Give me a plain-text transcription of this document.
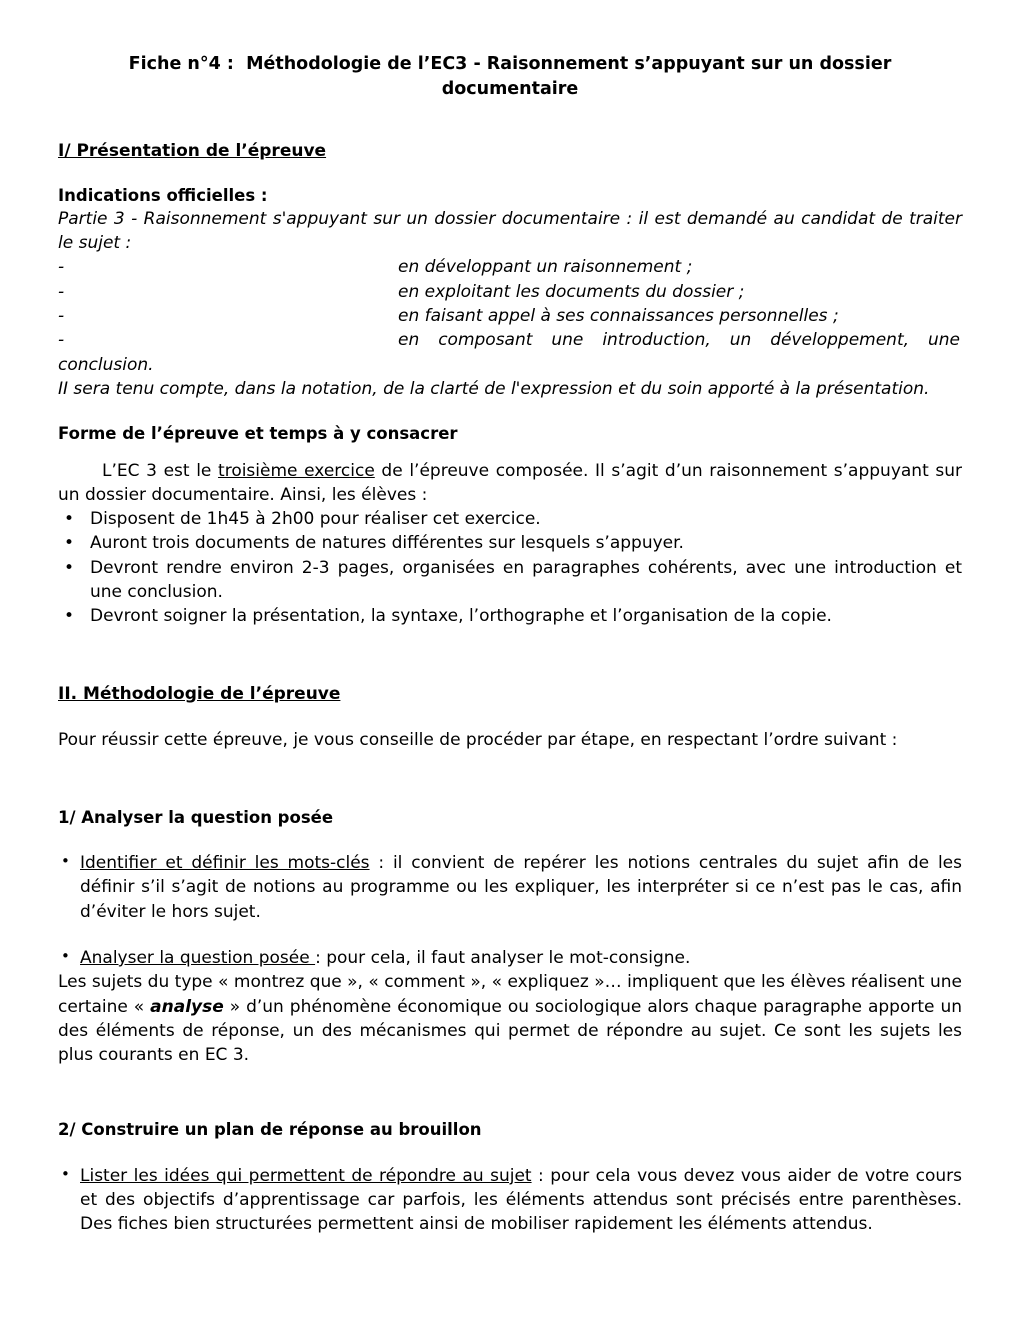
Fiche n°4 :  Méthodologie de l’EC3 - Raisonnement s’appuyant sur un dossier documentaire
I/ Présentation de l’épreuve
Indications officielles :

Partie 3 - Raisonnement s'appuyant sur un dossier documentaire : il est demandé au candidat de traiter le sujet :

-	en développant un raisonnement ;
-	en exploitant les documents du dossier ;
-	en faisant appel à ses connaissances personnelles ;
-	en composant une introduction, un développement, une

conclusion.

II sera tenu compte, dans la notation, de la clarté de l'expression et du soin apporté à la présentation.

Forme de l’épreuve et temps à y consacrer

L’EC 3 est le troisième exercice de l’épreuve composée. Il s’agit d’un raisonnement s’appuyant sur un dossier documentaire. Ainsi, les élèves :

• Disposent de 1h45 à 2h00 pour réaliser cet exercice.
• Auront trois documents de natures différentes sur lesquels s’appuyer.
• Devront rendre environ 2-3 pages, organisées en paragraphes cohérents, avec une introduction et une conclusion.
• Devront soigner la présentation, la syntaxe, l’orthographe et l’organisation de la copie.
II. Méthodologie de l’épreuve

Pour réussir cette épreuve, je vous conseille de procéder par étape, en respectant l’ordre suivant :

1/ Analyser la question posée
• Identifier et définir les mots-clés : il convient de repérer les notions centrales du sujet afin de les définir s’il s’agit de notions au programme ou les expliquer, les interpréter si ce n’est pas le cas, afin d’éviter le hors sujet.
• Analyser la question posée : pour cela, il faut analyser le mot-consigne.

Les sujets du type « montrez que », « comment », « expliquez »… impliquent que les élèves réalisent une certaine « analyse » d’un phénomène économique ou sociologique alors chaque paragraphe apporte un des éléments de réponse, un des mécanismes qui permet de répondre au sujet. Ce sont les sujets les plus courants en EC 3.

2/ Construire un plan de réponse au brouillon
• Lister les idées qui permettent de répondre au sujet : pour cela vous devez vous aider de votre cours et des objectifs d’apprentissage car parfois, les éléments attendus sont précisés entre parenthèses. Des fiches bien structurées permettent ainsi de mobiliser rapidement les éléments attendus.
